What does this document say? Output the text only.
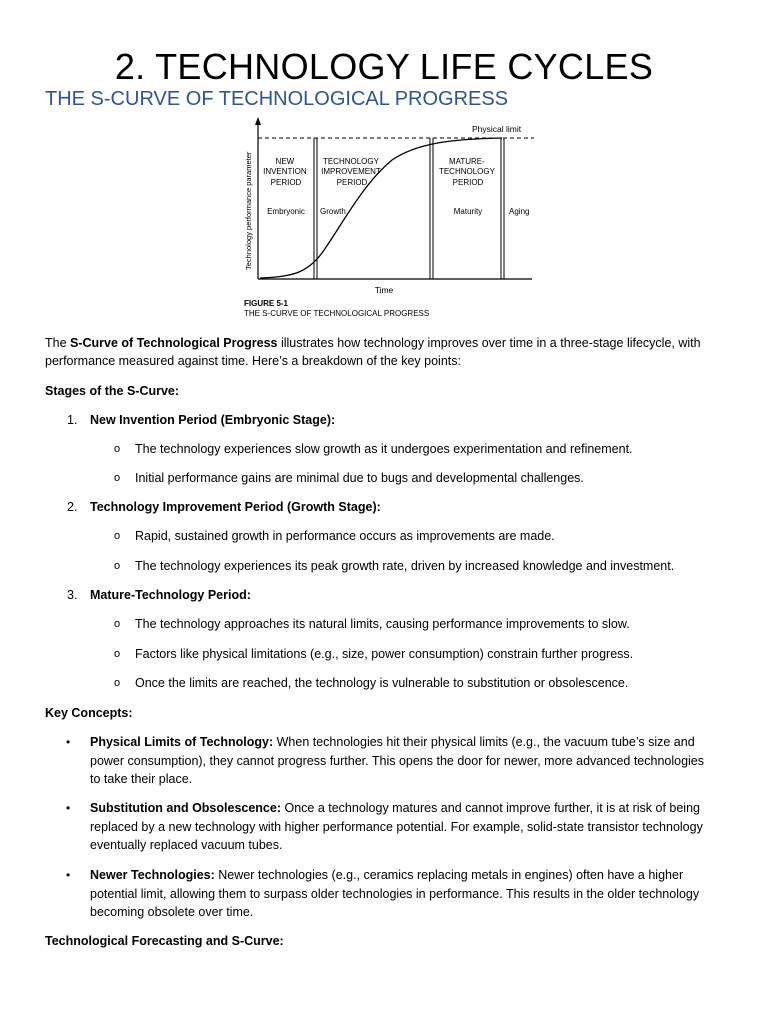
2. TECHNOLOGY LIFE CYCLES
THE S-CURVE OF TECHNOLOGICAL PROGRESS
Physical limit
NEW INVENTION PERIOD
TECHNOLOGY IMPROVEMENT PERIOD
MATURE- TECHNOLOGY PERIOD
Embryonic Growth	Maturity	Aging
Technology performance parameter
Time
FIGURE 5-1
THE S-CURVE OF TECHNOLOGICAL PROGRESS
The S-Curve of Technological Progress illustrates how technology improves over time in a three-stage lifecycle, with
performance measured against time. Here’s a breakdown of the key points:
Stages of the S-Curve:
1. New Invention Period (Embryonic Stage):
o The technology experiences slow growth as it undergoes experimentation and refinement.
o Initial performance gains are minimal due to bugs and developmental challenges.
2. Technology Improvement Period (Growth Stage):
o Rapid, sustained growth in performance occurs as improvements are made.
o The technology experiences its peak growth rate, driven by increased knowledge and investment.
3. Mature-Technology Period:
o The technology approaches its natural limits, causing performance improvements to slow.
o Factors like physical limitations (e.g., size, power consumption) constrain further progress.
o Once the limits are reached, the technology is vulnerable to substitution or obsolescence.
Key Concepts:
• Physical Limits of Technology: When technologies hit their physical limits (e.g., the vacuum tube’s size and
power consumption), they cannot progress further. This opens the door for newer, more advanced technologies
to take their place.
• Substitution and Obsolescence: Once a technology matures and cannot improve further, it is at risk of being
replaced by a new technology with higher performance potential. For example, solid-state transistor technology
eventually replaced vacuum tubes.
• Newer Technologies: Newer technologies (e.g., ceramics replacing metals in engines) often have a higher
potential limit, allowing them to surpass older technologies in performance. This results in the older technology
becoming obsolete over time.
Technological Forecasting and S-Curve:
